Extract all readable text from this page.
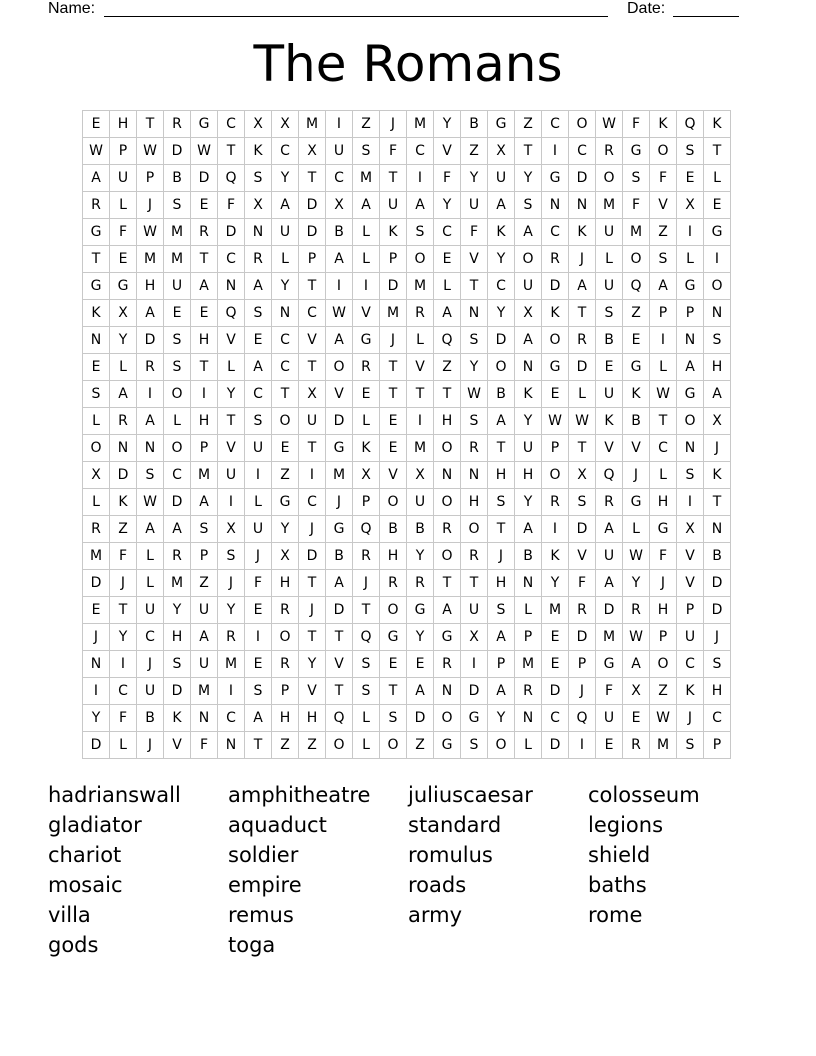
Name:	Date:
The Romans
E	H	T	R	G	C	X	X	M	I	Z	J	M	Y	B	G	Z	C	O	W	F	K	Q	K
W	P	W	D	W	T	K	C	X	U	S	F	C	V	Z	X	T	I	C	R	G	O	S	T
A	U	P	B	D	Q	S	Y	T	C	M	T	I	F	Y	U	Y	G	D	O	S	F	E	L
R	L	J	S	E	F	X	A	D	X	A	U	A	Y	U	A	S	N	N	M	F	V	X	E
G	F	W	M	R	D	N	U	D	B	L	K	S	C	F	K	A	C	K	U	M	Z	I	G
T	E	M	M	T	C	R	L	P	A	L	P	O	E	V	Y	O	R	J	L	O	S	L	I
G	G	H	U	A	N	A	Y	T	I	I	D	M	L	T	C	U	D	A	U	Q	A	G	O
K	X	A	E	E	Q	S	N	C	W	V	M	R	A	N	Y	X	K	T	S	Z	P	P	N
N	Y	D	S	H	V	E	C	V	A	G	J	L	Q	S	D	A	O	R	B	E	I	N	S
E	L	R	S	T	L	A	C	T	O	R	T	V	Z	Y	O	N	G	D	E	G	L	A	H
S	A	I	O	I	Y	C	T	X	V	E	T	T	T	W	B	K	E	L	U	K	W	G	A
L	R	A	L	H	T	S	O	U	D	L	E	I	H	S	A	Y	W	W	K	B	T	O	X
O	N	N	O	P	V	U	E	T	G	K	E	M	O	R	T	U	P	T	V	V	C	N	J
X	D	S	C	M	U	I	Z	I	M	X	V	X	N	N	H	H	O	X	Q	J	L	S	K
L	K	W	D	A	I	L	G	C	J	P	O	U	O	H	S	Y	R	S	R	G	H	I	T
R	Z	A	A	S	X	U	Y	J	G	Q	B	B	R	O	T	A	I	D	A	L	G	X	N
M	F	L	R	P	S	J	X	D	B	R	H	Y	O	R	J	B	K	V	U	W	F	V	B
D	J	L	M	Z	J	F	H	T	A	J	R	R	T	T	H	N	Y	F	A	Y	J	V	D
E	T	U	Y	U	Y	E	R	J	D	T	O	G	A	U	S	L	M	R	D	R	H	P	D
J	Y	C	H	A	R	I	O	T	T	Q	G	Y	G	X	A	P	E	D	M	W	P	U	J
N	I	J	S	U	M	E	R	Y	V	S	E	E	R	I	P	M	E	P	G	A	O	C	S
I	C	U	D	M	I	S	P	V	T	S	T	A	N	D	A	R	D	J	F	X	Z	K	H
Y	F	B	K	N	C	A	H	H	Q	L	S	D	O	G	Y	N	C	Q	U	E	W	J	C
D	L	J	V	F	N	T	Z	Z	O	L	O	Z	G	S	O	L	D	I	E	R	M	S	P
hadrianswall	amphitheatre	juliuscaesar	colosseum
gladiator	aquaduct	standard	legions
chariot	soldier	romulus	shield
mosaic	empire	roads	baths
villa	remus	army	rome
gods	toga
